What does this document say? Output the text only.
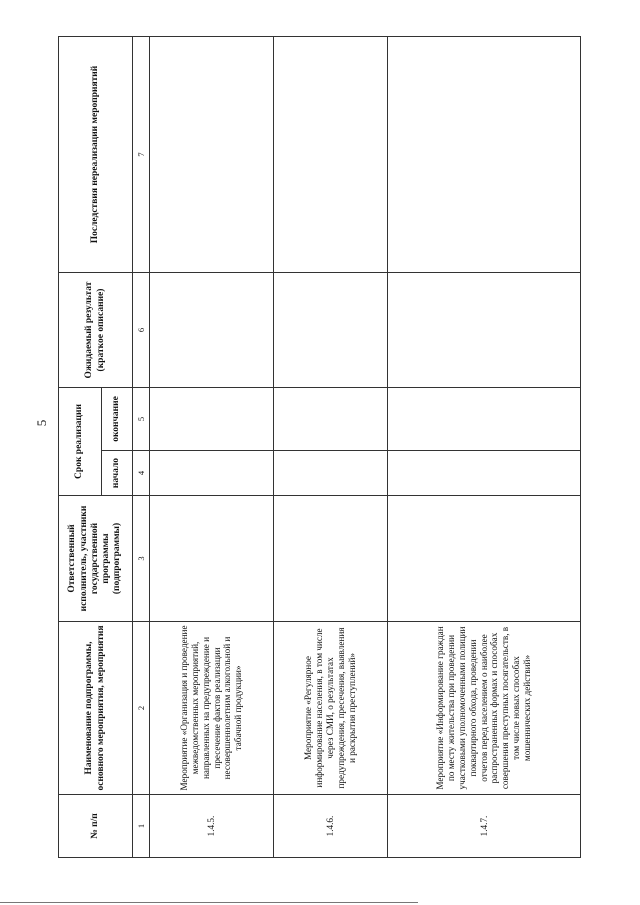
5
№ п/п	Наименование подпрограммы, основного мероприятия, мероприятия	Ответственный исполнитель, участники государственной программы (подпрограммы)	Срок реализации		Ожидаемый результат (краткое описание)	Последствия нереализации мероприятий
			начало	окончание		
1	2	3	4	5	6	7
1.4.5.	Мероприятие «Организация и проведение межведомственных мероприятий, направленных на предупреждение и пресечение фактов реализации несовершеннолетним алкогольной и табачной продукции»					
1.4.6.	Мероприятие «Регулярное информирование населения, в том числе через СМИ, о результатах предупреждения, пресечения, выявления и раскрытия преступлений»					
1.4.7.	Мероприятие «Информирование граждан по месту жительства при проведении участковыми уполномоченными полиции поквартирного обхода, проведении отчетов перед населением о наиболее распространенных формах и способах совершения преступных посягательств, в том числе новых способах мошеннических действий»					
